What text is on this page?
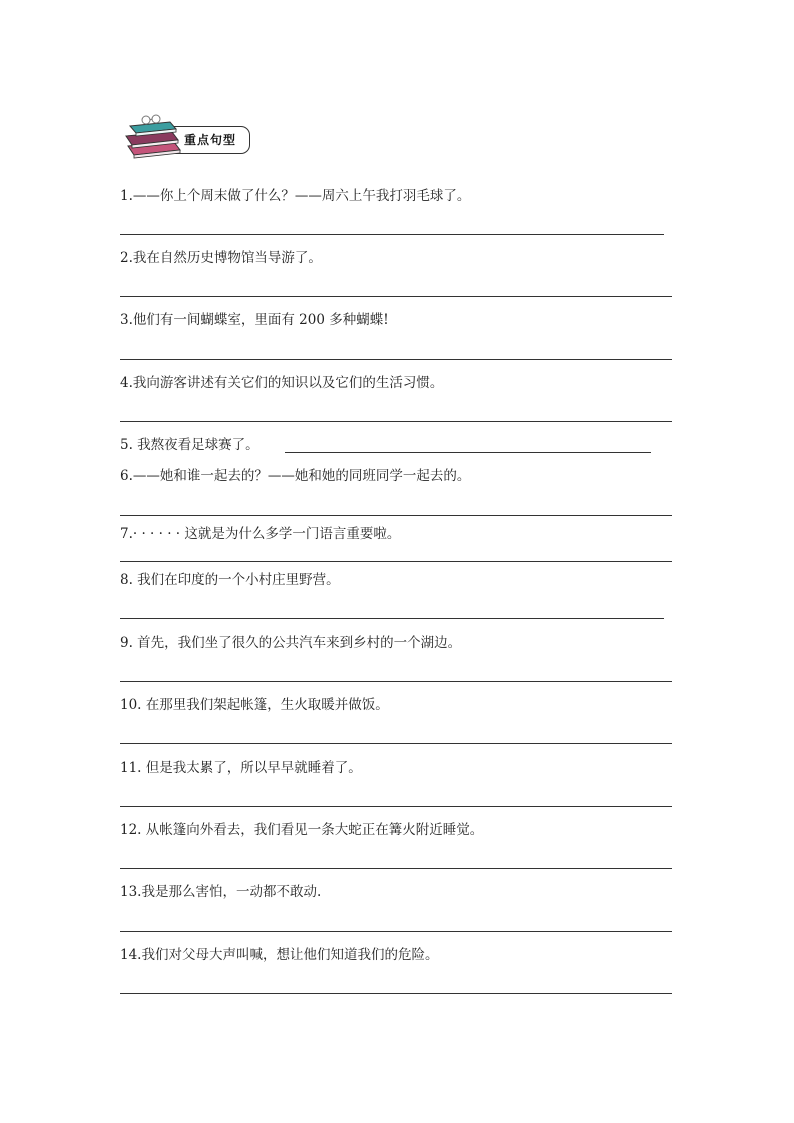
重点句型
1.——你上个周末做了什么？——周六上午我打羽毛球了。
2.我在自然历史博物馆当导游了。
3.他们有一间蝴蝶室，里面有 200 多种蝴蝶!
4.我向游客讲述有关它们的知识以及它们的生活习惯。
5. 我熬夜看足球赛了。
6.——她和谁一起去的？——她和她的同班同学一起去的。
7.· · · · · · 这就是为什么多学一门语言重要啦。
8. 我们在印度的一个小村庄里野营。
9. 首先，我们坐了很久的公共汽车来到乡村的一个湖边。
10. 在那里我们架起帐篷，生火取暖并做饭。
11. 但是我太累了，所以早早就睡着了。
12. 从帐篷向外看去，我们看见一条大蛇正在篝火附近睡觉。
13.我是那么害怕，一动都不敢动.
14.我们对父母大声叫喊，想让他们知道我们的危险。
